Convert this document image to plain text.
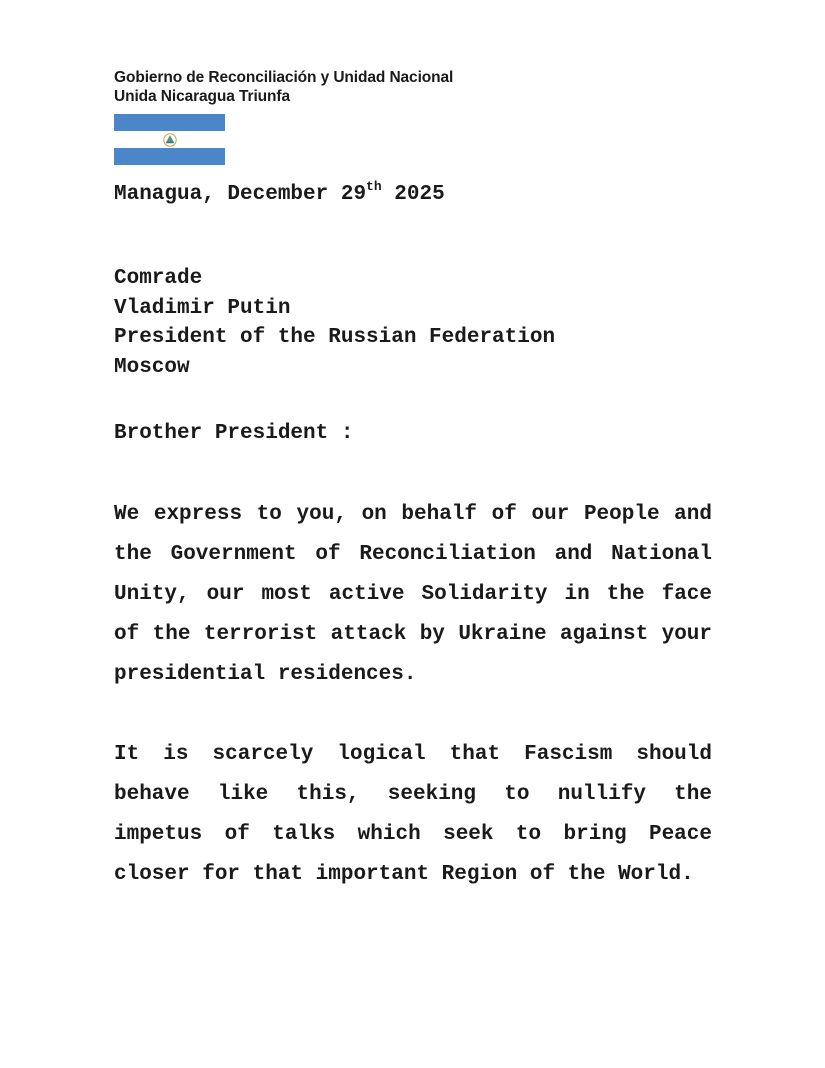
Gobierno de Reconciliación y Unidad Nacional
Unida Nicaragua Triunfa
Managua, December 29th 2025
Comrade
Vladimir Putin
President of the Russian Federation
Moscow
Brother President :

We express to you, on behalf of our People and the Government of Reconciliation and National Unity, our most active Solidarity in the face of the terrorist attack by Ukraine against your presidential residences.

It is scarcely logical that Fascism should behave like this, seeking to nullify the impetus of talks which seek to bring Peace closer for that important Region of the World.
